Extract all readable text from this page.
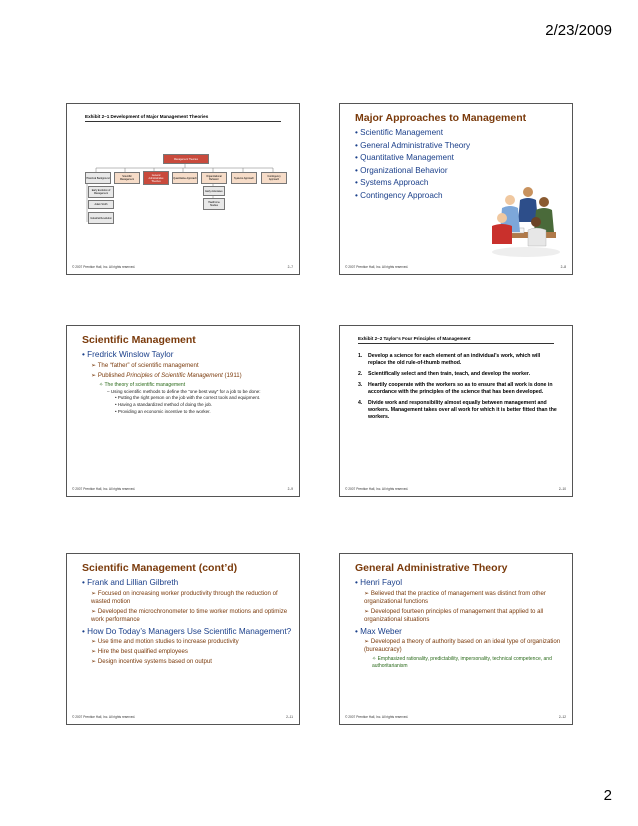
2/23/2009
Exhibit 2–1 Development of Major Management Theories
Management Theories
Historical Background	Scientific Management
General Administrative Theories
Quantitative Approach	Organizational Behavior	Systems Approach	Contingency Approach
Early Evolution of Management
Adam Smith
Industrial Revolution
Early Advocates
Hawthorne Studies
© 2007 Prentice Hall, Inc. All rights reserved.	2–7
Major Approaches to Management
• Scientific Management
• General Administrative Theory
• Quantitative Management
• Organizational Behavior
• Systems Approach
• Contingency Approach
© 2007 Prentice Hall, Inc. All rights reserved.	2–8
Scientific Management
• Fredrick Winslow Taylor
➢ The “father” of scientific management
➢ Published Principles of Scientific Management (1911)
✧ The theory of scientific management
– Using scientific methods to define the “one best way” for a job to be done:
• Putting the right person on the job with the correct tools and equipment.
• Having a standardized method of doing the job.
• Providing an economic incentive to the worker.
© 2007 Prentice Hall, Inc. All rights reserved.	2–9
Exhibit 2–2 Taylor’s Four Principles of Management
1.	Develop a science for each element of an individual’s work, which will replace the old rule-of-thumb method.
2.	Scientifically select and then train, teach, and develop the worker.
3.	Heartily cooperate with the workers so as to ensure that all work is done in accordance with the principles of the science that has been developed.
4.	Divide work and responsibility almost equally between management and workers. Management takes over all work for which it is better fitted than the workers.
© 2007 Prentice Hall, Inc. All rights reserved.	2–10
Scientific Management (cont’d)
• Frank and Lillian Gilbreth
➢ Focused on increasing worker productivity through the reduction of wasted motion
➢ Developed the microchronometer to time worker motions and optimize work performance
• How Do Today’s Managers Use Scientific Management?
➢ Use time and motion studies to increase productivity
➢ Hire the best qualified employees
➢ Design incentive systems based on output
© 2007 Prentice Hall, Inc. All rights reserved.	2–11
General Administrative Theory
• Henri Fayol
➢ Believed that the practice of management was distinct from other organizational functions
➢ Developed fourteen principles of management that applied to all organizational situations
• Max Weber
➢ Developed a theory of authority based on an ideal type of organization (bureaucracy)
✧ Emphasized rationality, predictability, impersonality, technical competence, and authoritarianism
© 2007 Prentice Hall, Inc. All rights reserved.	2–12
2
